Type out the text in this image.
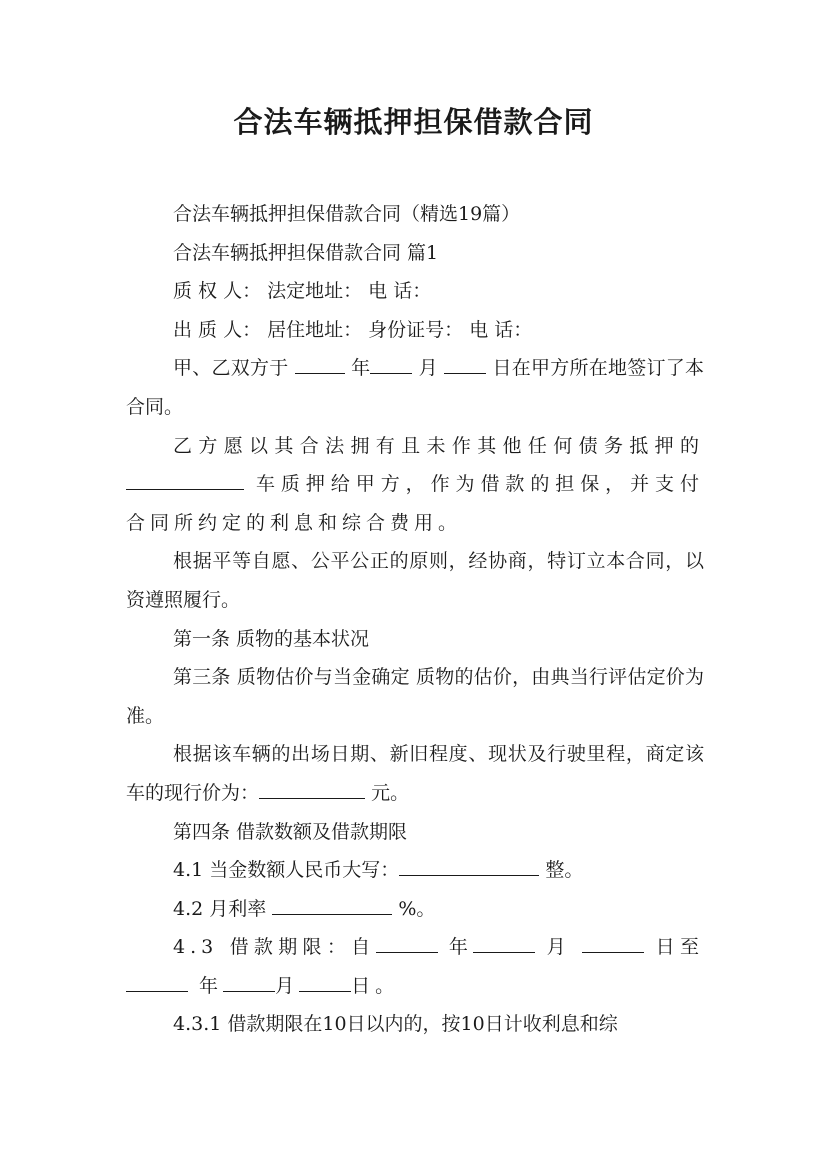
合法车辆抵押担保借款合同

合法车辆抵押担保借款合同（精选19篇）

合法车辆抵押担保借款合同 篇1

质 权 人： 法定地址： 电 话：

出 质 人： 居住地址： 身份证号： 电 话：

甲、乙双方于	年	月	日在甲方所在地签订了本合同。

乙方愿以其合法拥有且未作其他任何债务抵押的 车质押给甲方，作为借款的担保，并支付合同所约定的利息和综合费用。

根据平等自愿、公平公正的原则，经协商，特订立本合同，以资遵照履行。

第一条 质物的基本状况

第三条 质物估价与当金确定 质物的估价，由典当行评估定价为准。

根据该车辆的出场日期、新旧程度、现状及行驶里程，商定该车的现行价为：	元。

第四条 借款数额及借款期限

4.1 当金数额人民币大写：	整。

4.2 月利率	%。

4.3 借款期限：自	年	月	日至 年	月	日。

4.3.1 借款期限在10日以内的，按10日计收利息和综
